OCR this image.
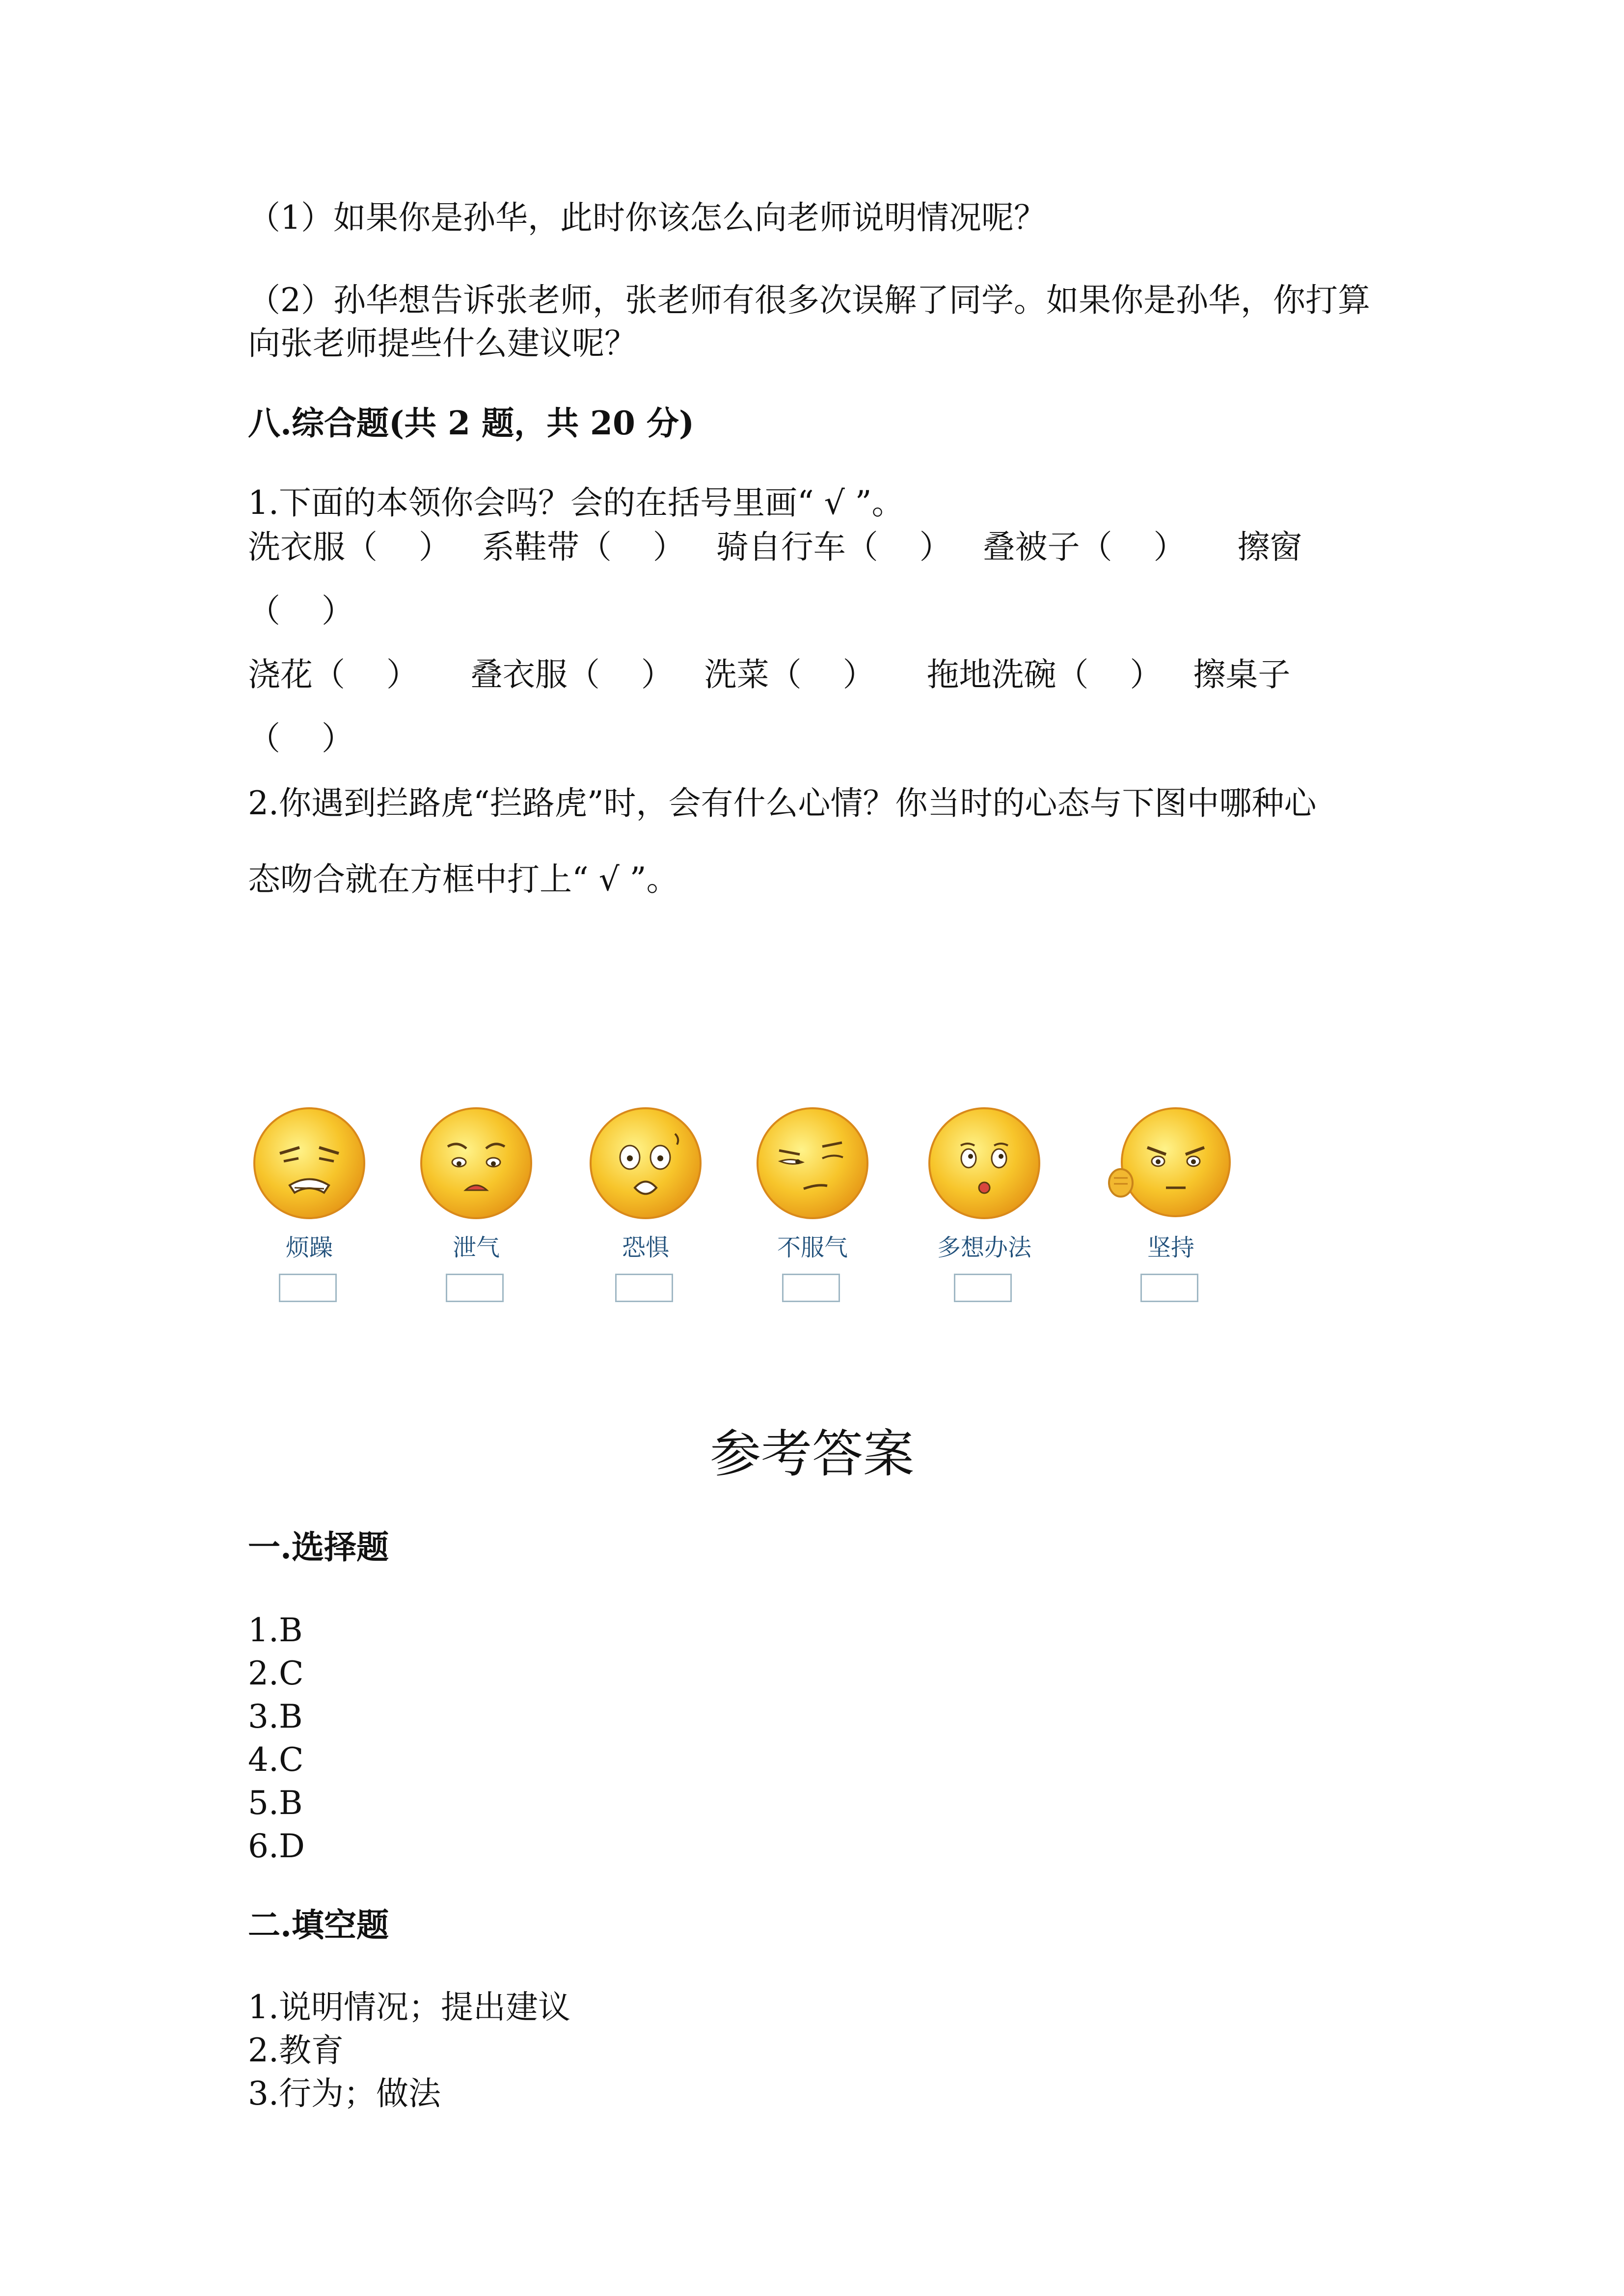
（1）如果你是孙华，此时你该怎么向老师说明情况呢？
（2）孙华想告诉张老师，张老师有很多次误解了同学。如果你是孙华，你打算
向张老师提些什么建议呢？
八.综合题(共 2 题，共 20 分)
1.下面的本领你会吗？会的在括号里画“ √ ”。
洗衣服（    ）   系鞋带（    ）   骑自行车（    ）   叠被子（    ）     擦窗
（    ）
浇花（    ）     叠衣服（    ）   洗菜（    ）     拖地洗碗（    ）   擦桌子
（    ）
2.你遇到拦路虎“拦路虎”时，会有什么心情？你当时的心态与下图中哪种心
态吻合就在方框中打上“ √ ”。
烦躁	泄气	恐惧	不服气	多想办法	坚持
参考答案
一.选择题
1.B
2.C
3.B
4.C
5.B
6.D
二.填空题
1.说明情况；提出建议
2.教育
3.行为；做法
